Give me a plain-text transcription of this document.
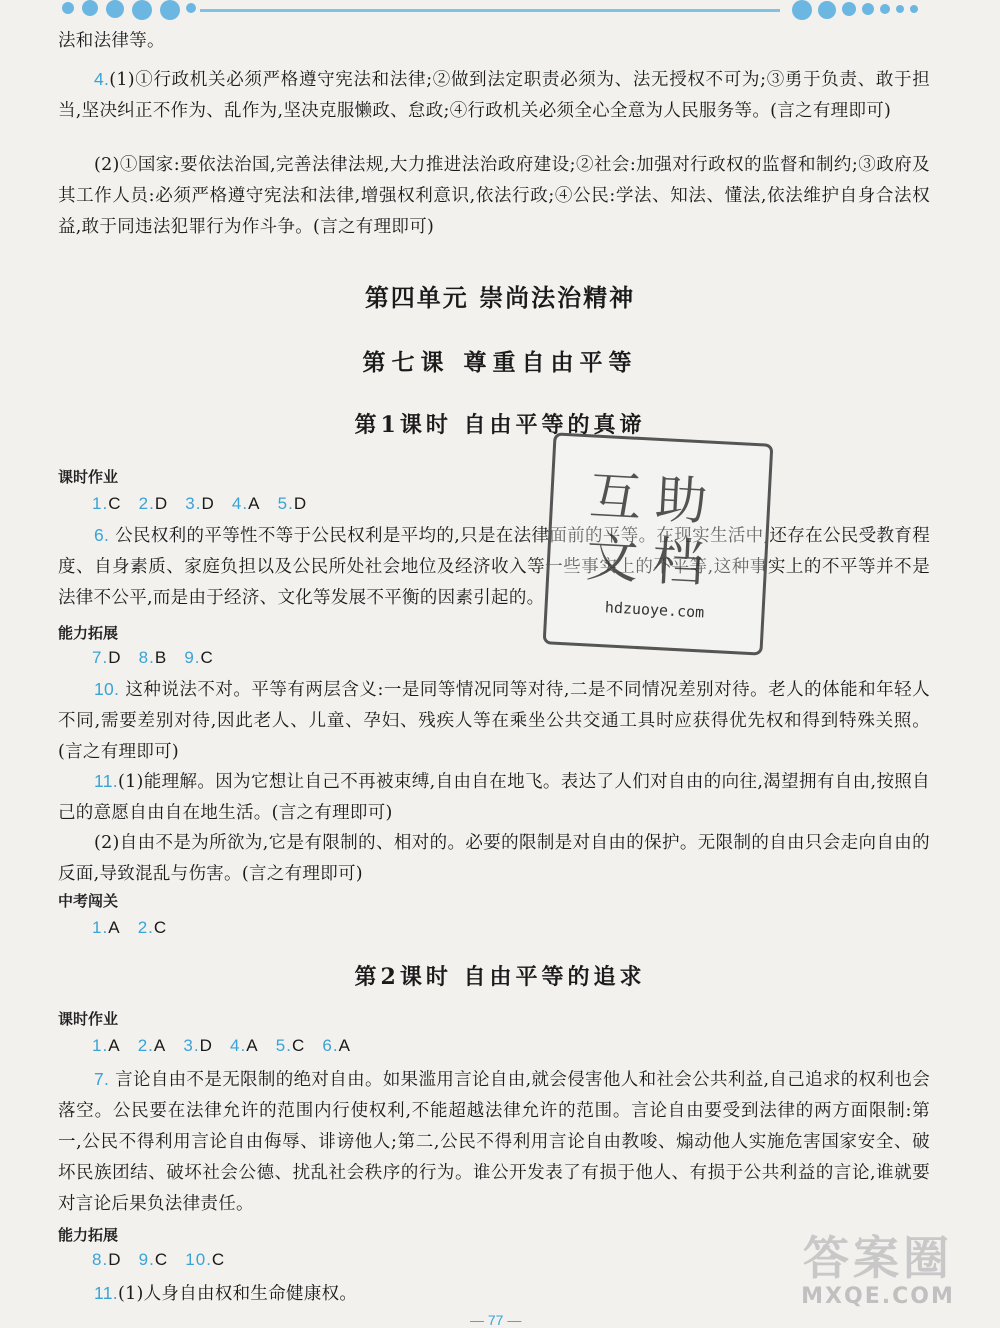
法和法律等。

4.(1)①行政机关必须严格遵守宪法和法律;②做到法定职责必须为、法无授权不可为;③勇于负责、敢于担当,坚决纠正不作为、乱作为,坚决克服懒政、怠政;④行政机关必须全心全意为人民服务等。(言之有理即可)

(2)①国家:要依法治国,完善法律法规,大力推进法治政府建设;②社会:加强对行政权的监督和制约;③政府及其工作人员:必须严格遵守宪法和法律,增强权利意识,依法行政;④公民:学法、知法、懂法,依法维护自身合法权益,敢于同违法犯罪行为作斗争。(言之有理即可)

第四单元 崇尚法治精神
第七课 尊重自由平等
第1课时 自由平等的真谛
课时作业
1.C 2.D 3.D 4.A 5.D

6. 公民权利的平等性不等于公民权利是平均的,只是在法律面前的平等。在现实生活中,还存在公民受教育程度、自身素质、家庭负担以及公民所处社会地位及经济收入等一些事实上的不平等,这种事实上的不平等并不是法律不公平,而是由于经济、文化等发展不平衡的因素引起的。

能力拓展
7.D 8.B 9.C

10. 这种说法不对。平等有两层含义:一是同等情况同等对待,二是不同情况差别对待。老人的体能和年轻人不同,需要差别对待,因此老人、儿童、孕妇、残疾人等在乘坐公共交通工具时应获得优先权和得到特殊关照。(言之有理即可)

11.(1)能理解。因为它想让自己不再被束缚,自由自在地飞。表达了人们对自由的向往,渴望拥有自由,按照自己的意愿自由自在地生活。(言之有理即可)

(2)自由不是为所欲为,它是有限制的、相对的。必要的限制是对自由的保护。无限制的自由只会走向自由的反面,导致混乱与伤害。(言之有理即可)

中考闯关
1.A 2.C
第2课时 自由平等的追求
课时作业
1.A 2.A 3.D 4.A 5.C 6.A

7. 言论自由不是无限制的绝对自由。如果滥用言论自由,就会侵害他人和社会公共利益,自己追求的权利也会落空。公民要在法律允许的范围内行使权利,不能超越法律允许的范围。言论自由要受到法律的两方面限制:第一,公民不得利用言论自由侮辱、诽谤他人;第二,公民不得利用言论自由教唆、煽动他人实施危害国家安全、破坏民族团结、破坏社会公德、扰乱社会秩序的行为。谁公开发表了有损于他人、有损于公共利益的言论,谁就要对言论后果负法律责任。

能力拓展
8.D 9.C 10.C

11.(1)人身自由权和生命健康权。

互助文档
hdzuoye.com
答案圈
MXQE.COM
— 77 —
